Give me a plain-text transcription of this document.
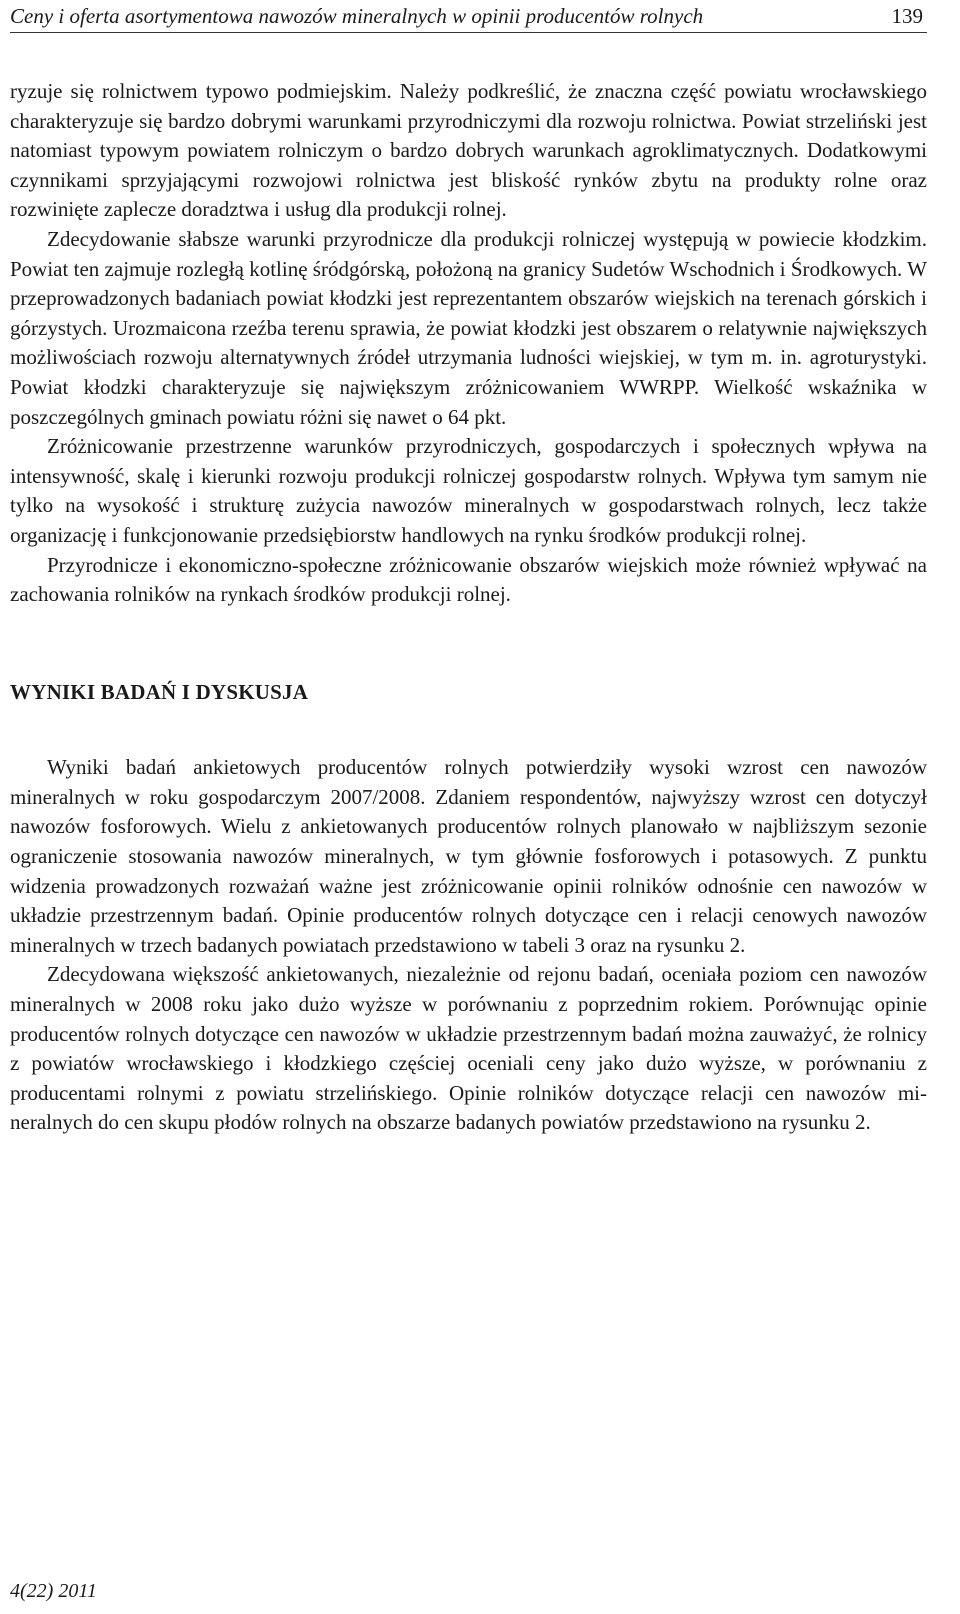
Ceny i oferta asortymentowa nawozów mineralnych w opinii producentów rolnych	139

ryzuje się rolnictwem typowo podmiejskim. Należy podkreślić, że znaczna część powiatu wrocławskiego charakteryzuje się bardzo dobrymi warunkami przyrodniczymi dla rozwoju rolnictwa. Powiat strzeliński jest natomiast typowym powiatem rolniczym o bardzo dobrych warunkach agroklimatycznych. Dodatkowymi czynnikami sprzyjającymi rozwojowi rolnictwa jest bliskość rynków zbytu na produkty rolne oraz rozwinięte zaplecze doradztwa i usług dla produkcji rolnej.

Zdecydowanie słabsze warunki przyrodnicze dla produkcji rolniczej występują w powiecie kłodzkim. Powiat ten zajmuje rozległą kotlinę śródgórską, położoną na granicy Sudetów Wschodnich i Środkowych. W przeprowadzonych badaniach powiat kłodzki jest reprezentantem obszarów wiejskich na terenach górskich i górzystych. Urozmaicona rzeźba terenu sprawia, że powiat kłodzki jest obszarem o relatywnie największych możliwościach rozwoju alternatywnych źródeł utrzymania ludności wiejskiej, w tym m. in. agroturystyki. Powiat kłodzki charakteryzuje się największym zróżnicowaniem WWRPP. Wielkość wskaźnika w poszczególnych gminach powiatu różni się nawet o 64 pkt.

Zróżnicowanie przestrzenne warunków przyrodniczych, gospodarczych i społecznych wpływa na intensywność, skalę i kierunki rozwoju produkcji rolniczej gospodarstw rolnych. Wpływa tym samym nie tylko na wysokość i strukturę zużycia nawozów mineralnych w gospodarstwach rolnych, lecz także organizację i funkcjonowanie przedsiębiorstw handlowych na rynku środków produkcji rolnej.

Przyrodnicze i ekonomiczno-społeczne zróżnicowanie obszarów wiejskich może również wpływać na zachowania rolników na rynkach środków produkcji rolnej.

WYNIKI BADAŃ I DYSKUSJA

Wyniki badań ankietowych producentów rolnych potwierdziły wysoki wzrost cen nawozów mineralnych w roku gospodarczym 2007/2008. Zdaniem respondentów, najwyższy wzrost cen dotyczył nawozów fosforowych. Wielu z ankietowanych producentów rolnych planowało w najbliższym sezonie ograniczenie stosowania nawozów mineralnych, w tym głównie fosforowych i potasowych. Z punktu widzenia prowadzonych rozważań ważne jest zróżnicowanie opinii rolników odnośnie cen nawozów w układzie przestrzennym badań. Opinie producentów rolnych dotyczące cen i relacji cenowych nawozów mineralnych w trzech badanych powiatach przedstawiono w tabeli 3 oraz na rysunku 2.

Zdecydowana większość ankietowanych, niezależnie od rejonu badań, oceniała poziom cen nawozów mineralnych w 2008 roku jako dużo wyższe w porównaniu z poprzednim rokiem. Porównując opinie producentów rolnych dotyczące cen nawozów w układzie przestrzennym badań można zauważyć, że rolnicy z powiatów wrocławskiego i kłodzkiego częściej oceniali ceny jako dużo wyższe, w porównaniu z producentami rolnymi z powiatu strzelińskiego. Opinie rolników dotyczące relacji cen nawozów mineralnych do cen skupu płodów rolnych na obszarze badanych powiatów przedstawiono na rysunku 2.

4(22) 2011
